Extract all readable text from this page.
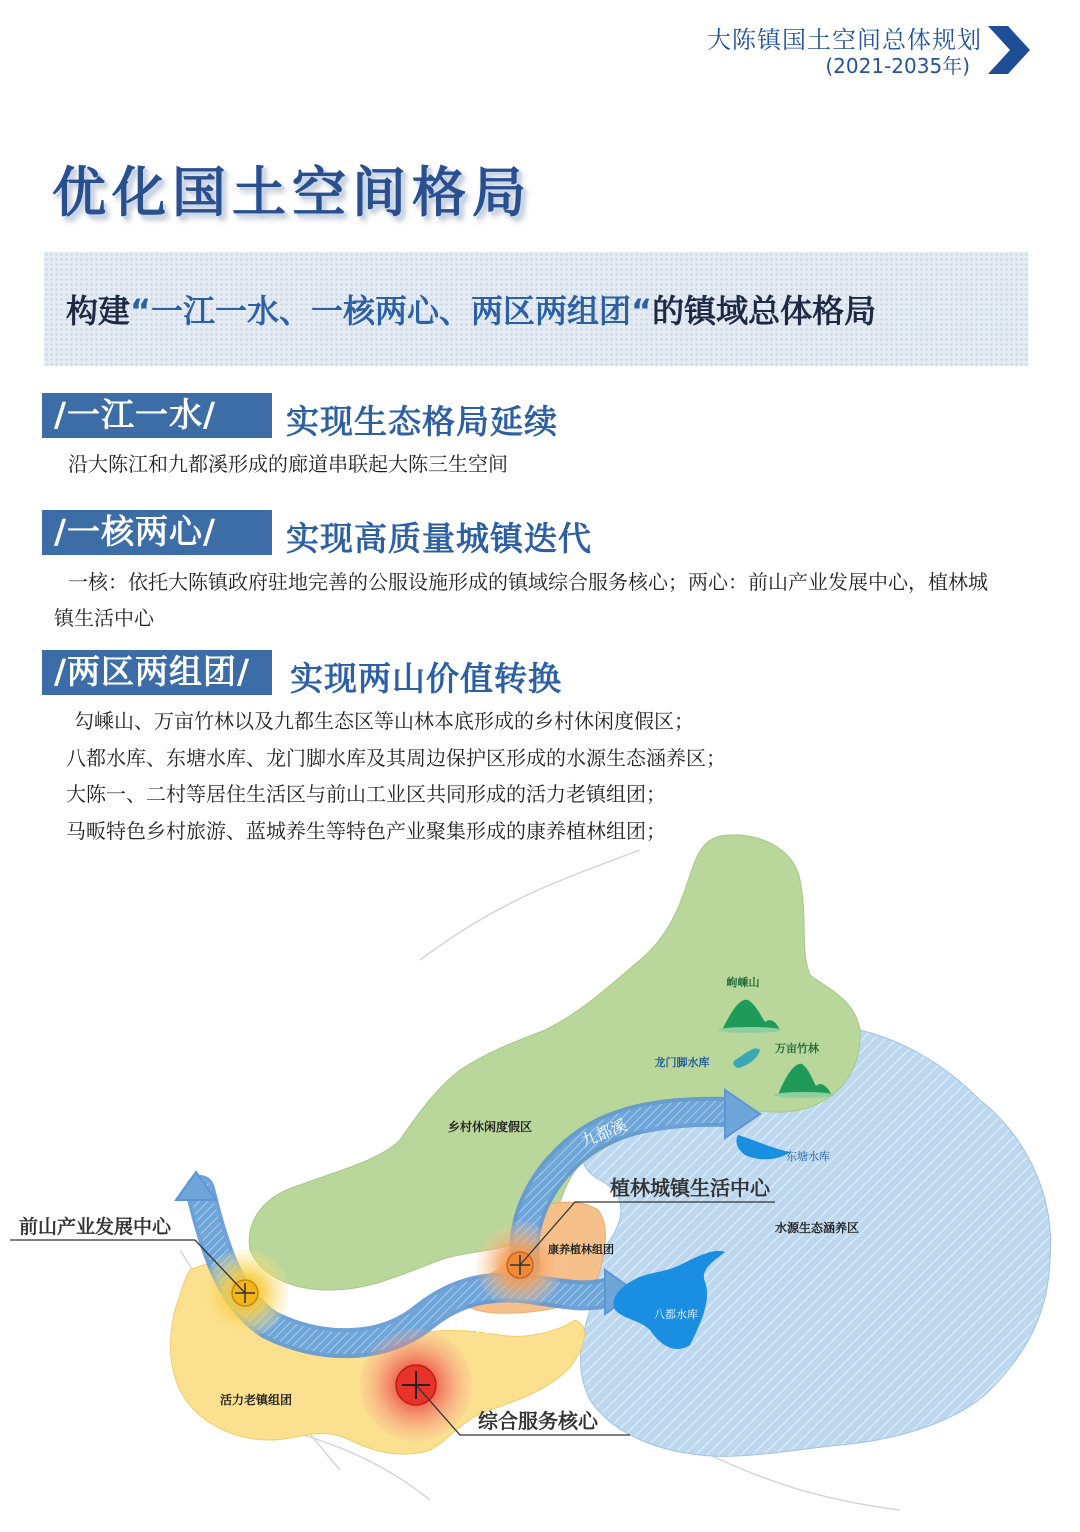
大陈镇国土空间总体规划
(2021-2035年)
优化国土空间格局
构建“一江一水、一核两心、两区两组团“的镇域总体格局
/一江一水/	实现生态格局延续
沿大陈江和九都溪形成的廊道串联起大陈三生空间
/一核两心/	实现高质量城镇迭代
一核：依托大陈镇政府驻地完善的公服设施形成的镇域综合服务核心；两心：前山产业发展中心，植林城
镇生活中心
/两区两组团/	实现两山价值转换
勾嵊山、万亩竹林以及九都生态区等山林本底形成的乡村休闲度假区；
八都水库、东塘水库、龙门脚水库及其周边保护区形成的水源生态涵养区；
大陈一、二村等居住生活区与前山工业区共同形成的活力老镇组团；
马畈特色乡村旅游、蓝城养生等特色产业聚集形成的康养植林组团；
岣嵊山
万亩竹林
龙门脚水库
乡村休闲度假区	九都溪
东塘水库
植林城镇生活中心
水源生态涵养区
前山产业发展中心
康养植林组团
八都水库
大陈江
活力老镇组团
综合服务核心
